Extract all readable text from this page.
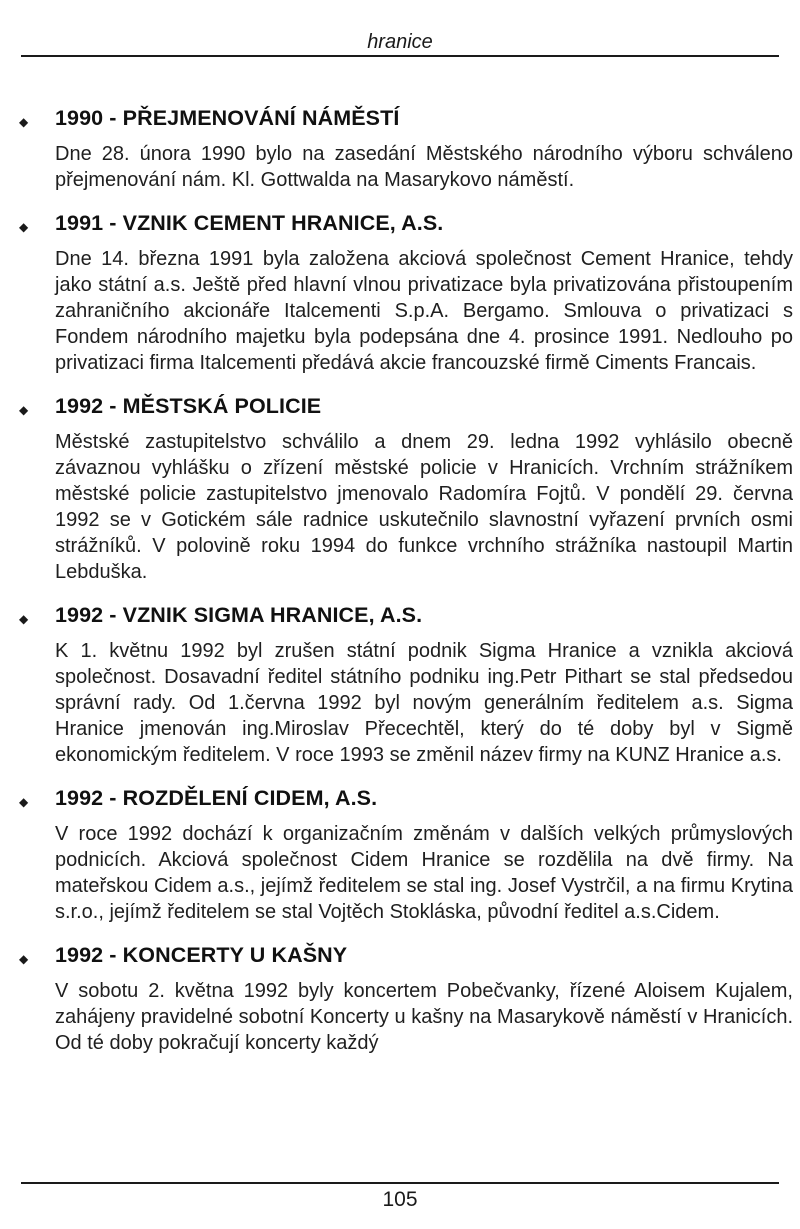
hranice
◆ 1990 - PŘEJMENOVÁNÍ NÁMĚSTÍ
Dne 28. února 1990 bylo na zasedání Městského národního výboru schváleno přejmenování nám. Kl. Gottwalda na Masarykovo náměstí.
◆ 1991 - VZNIK CEMENT HRANICE, A.S.
Dne 14. března 1991 byla založena akciová společnost Cement Hranice, tehdy jako státní a.s. Ještě před hlavní vlnou privatizace byla privatizována přistoupením zahraničního akcionáře Italcementi S.p.A. Bergamo. Smlouva o privatizaci s Fondem národního majetku byla podepsána dne 4. prosince 1991. Nedlouho po privatizaci firma Italcementi předává akcie francouzské firmě Ciments Francais.
◆ 1992 - MĚSTSKÁ POLICIE
Městské zastupitelstvo schválilo a dnem 29. ledna 1992 vyhlásilo obecně závaznou vyhlášku o zřízení městské policie v Hranicích. Vrchním strážníkem městské policie zastupitelstvo jmenovalo Radomíra Fojtů. V pondělí 29. června 1992 se v Gotickém sále radnice uskutečnilo slavnostní vyřazení prvních osmi strážníků. V polovině roku 1994 do funkce vrchního strážníka nastoupil Martin Lebduška.
◆ 1992 - VZNIK SIGMA HRANICE, A.S.
K 1. květnu 1992 byl zrušen státní podnik Sigma Hranice a vznikla akciová společnost. Dosavadní ředitel státního podniku ing.Petr Pithart se stal předsedou správní rady. Od 1.června 1992 byl novým generálním ředitelem a.s. Sigma Hranice jmenován ing.Miroslav Přecechtěl, který do té doby byl v Sigmě ekonomickým ředitelem. V roce 1993 se změnil název firmy na KUNZ Hranice a.s.
◆ 1992 - ROZDĚLENÍ CIDEM, A.S.
V roce 1992 dochází k organizačním změnám v dalších velkých průmyslových podnicích. Akciová společnost Cidem Hranice se rozdělila na dvě firmy. Na mateřskou Cidem a.s., jejímž ředitelem se stal ing. Josef Vystrčil, a na firmu Krytina s.r.o., jejímž ředitelem se stal Vojtěch Stokláska, původní ředitel a.s.Cidem.
◆ 1992 - KONCERTY U KAŠNY
V sobotu 2. května 1992 byly koncertem Pobečvanky, řízené Aloisem Kujalem, zahájeny pravidelné sobotní Koncerty u kašny na Masarykově náměstí v Hranicích. Od té doby pokračují koncerty každý
105
